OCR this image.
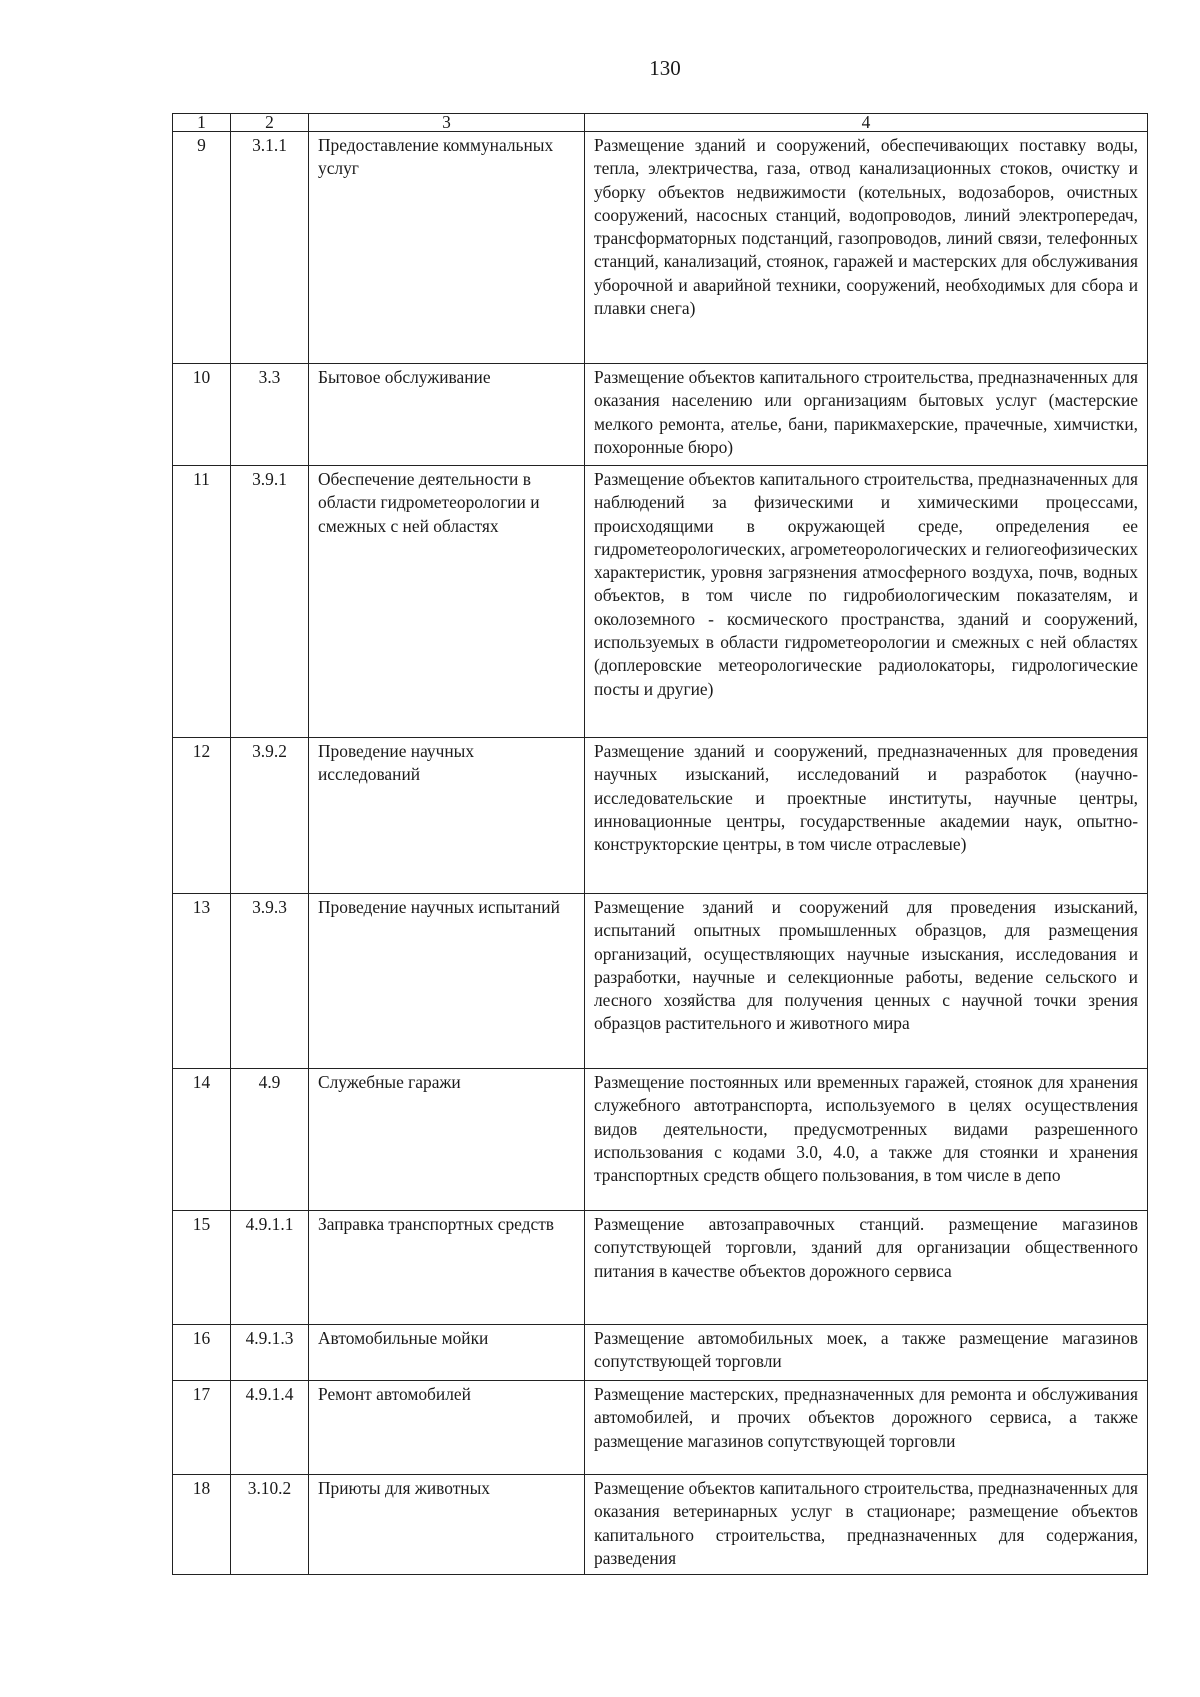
130
1	2	3	4
9	3.1.1	Предоставление коммунальных услуг	Размещение зданий и сооружений, обеспечивающих поставку воды, тепла, электричества, газа, отвод канализационных стоков, очистку и уборку объектов недвижимости (котельных, водозаборов, очистных сооружений, насосных станций, водопроводов, линий электропередач, трансформаторных подстанций, газопроводов, линий связи, телефонных станций, канализаций, стоянок, гаражей и мастерских для обслуживания уборочной и аварийной техники, сооружений, необходимых для сбора и плавки снега)
10	3.3	Бытовое обслуживание	Размещение объектов капитального строительства, предназначенных для оказания населению или организациям бытовых услуг (мастерские мелкого ремонта, ателье, бани, парикмахерские, прачечные, химчистки, похоронные бюро)
11	3.9.1	Обеспечение деятельности в области гидрометеорологии и смежных с ней областях	Размещение объектов капитального строительства, предназначенных для наблюдений за физическими и химическими процессами, происходящими в окружающей среде, определения ее гидрометеорологических, агрометеорологических и гелиогеофизических характеристик, уровня загрязнения атмосферного воздуха, почв, водных объектов, в том числе по гидробиологическим показателям, и околоземного - космического пространства, зданий и сооружений, используемых в области гидрометеорологии и смежных с ней областях (доплеровские метеорологические радиолокаторы, гидрологические посты и другие)
12	3.9.2	Проведение научных исследований	Размещение зданий и сооружений, предназначенных для проведения научных изысканий, исследований и разработок (научно-исследовательские и проектные институты, научные центры, инновационные центры, государственные академии наук, опытно-конструкторские центры, в том числе отраслевые)
13	3.9.3	Проведение научных испытаний	Размещение зданий и сооружений для проведения изысканий, испытаний опытных промышленных образцов, для размещения организаций, осуществляющих научные изыскания, исследования и разработки, научные и селекционные работы, ведение сельского и лесного хозяйства для получения ценных с научной точки зрения образцов растительного и животного мира
14	4.9	Служебные гаражи	Размещение постоянных или временных гаражей, стоянок для хранения служебного автотранспорта, используемого в целях осуществления видов деятельности, предусмотренных видами разрешенного использования с кодами 3.0, 4.0, а также для стоянки и хранения транспортных средств общего пользования, в том числе в депо
15	4.9.1.1	Заправка транспортных средств	Размещение автозаправочных станций. размещение магазинов сопутствующей торговли, зданий для организации общественного питания в качестве объектов дорожного сервиса
16	4.9.1.3	Автомобильные мойки	Размещение автомобильных моек, а также размещение магазинов сопутствующей торговли
17	4.9.1.4	Ремонт автомобилей	Размещение мастерских, предназначенных для ремонта и обслуживания автомобилей, и прочих объектов дорожного сервиса, а также размещение магазинов сопутствующей торговли
18	3.10.2	Приюты для животных	Размещение объектов капитального строительства, предназначенных для оказания ветеринарных услуг в стационаре; размещение объектов капитального строительства, предназначенных для содержания, разведения
